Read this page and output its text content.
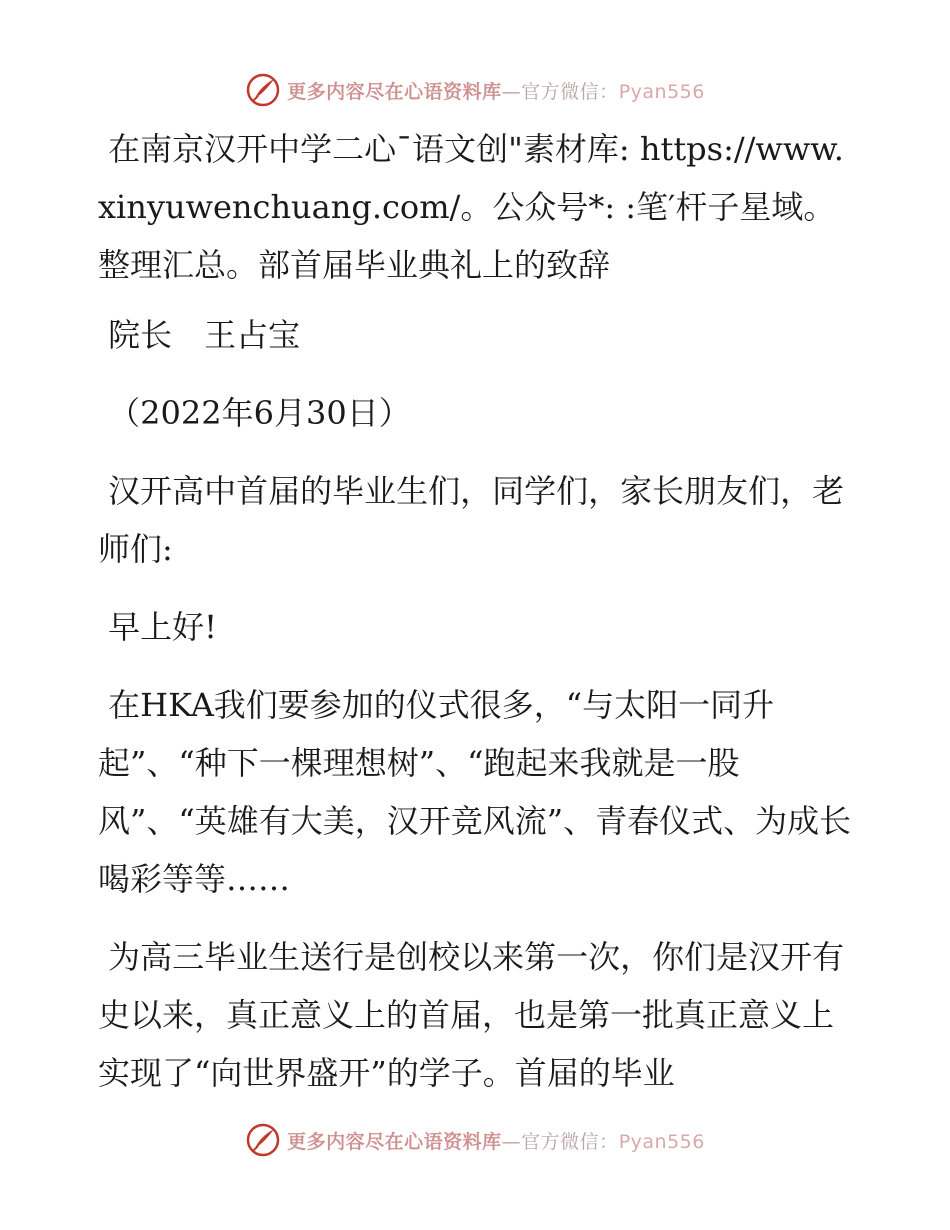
更多内容尽在心语资料库—官方微信：Pyan556

在南京汉开中学二心¯语文创"素材库: https://www.xinyuwenchuang.com/。公众号*: :笔′杆子星域。整理汇总。部首届毕业典礼上的致辞

院长　王占宝

（2022年6月30日）

汉开高中首届的毕业生们，同学们，家长朋友们，老师们:

早上好!

在HKA我们要参加的仪式很多，“与太阳一同升起”、“种下一棵理想树”、“跑起来我就是一股风”、“英雄有大美，汉开竞风流”、青春仪式、为成长喝彩等等……

为高三毕业生送行是创校以来第一次，你们是汉开有史以来，真正意义上的首届，也是第一批真正意义上实现了“向世界盛开”的学子。首届的毕业

更多内容尽在心语资料库—官方微信：Pyan556
